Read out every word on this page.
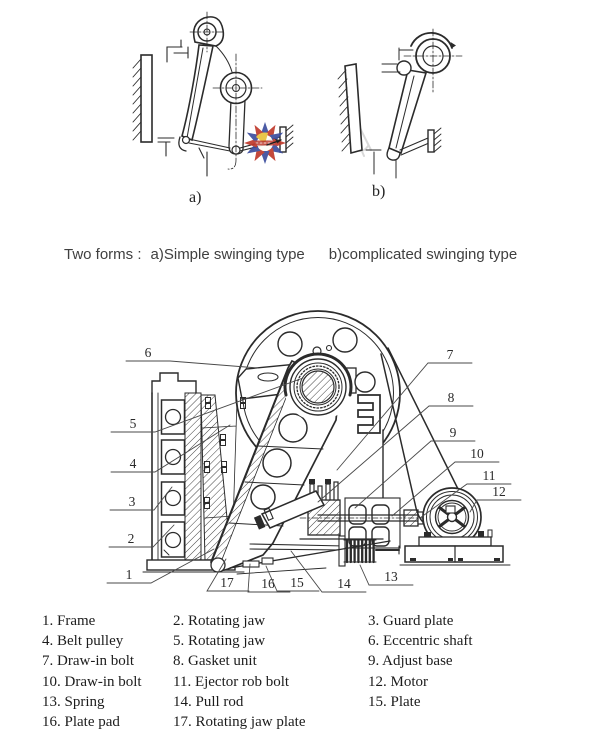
a)	b)
Two forms : a)Simple swinging type b)complicated swinging type
1
2
3
4
5
6	7
8
9
10
11
12
13
14
15
16
17
1. Frame	2. Rotating jaw	3. Guard plate
4. Belt pulley	5. Rotating jaw	6. Eccentric shaft
7. Draw-in bolt	8. Gasket unit	9. Adjust base
10. Draw-in bolt	11. Ejector rob bolt	12. Motor
13. Spring	14. Pull rod	15. Plate
16. Plate pad	17. Rotating jaw plate
